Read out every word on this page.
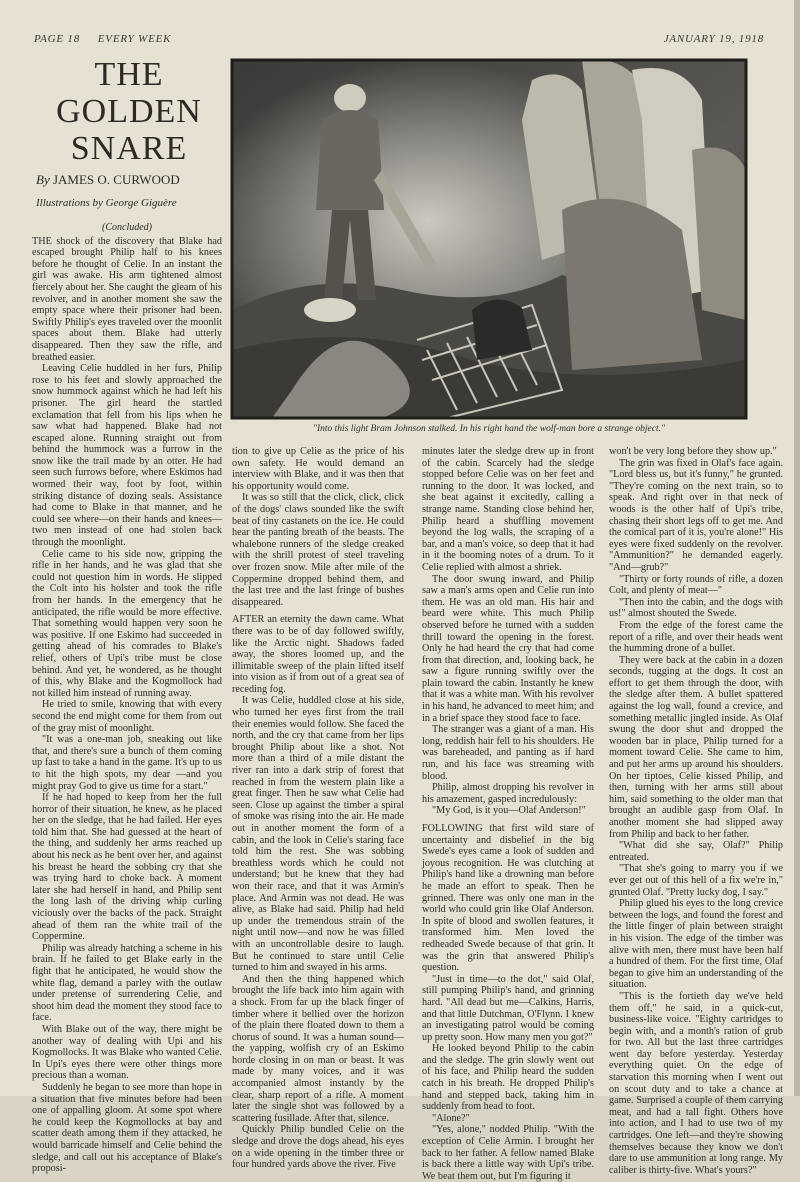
PAGE 18     EVERY WEEK	JANUARY 19, 1918
THE
GOLDEN
SNARE
By JAMES O. CURWOOD
Illustrations by George Giguère
"Into this light Bram Johnson stalked. In his right hand the wolf-man bore a strange object."
(Concluded)

THE shock of the discovery that Blake had escaped brought Philip half to his knees before he thought of Celie. In an instant the girl was awake. His arm tightened almost fiercely about her. She caught the gleam of his revolver, and in another moment she saw the empty space where their prisoner had been. Swiftly Philip's eyes traveled over the moonlit spaces about them. Blake had utterly disappeared. Then they saw the rifle, and breathed easier.

Leaving Celie huddled in her furs, Philip rose to his feet and slowly approached the snow hummock against which he had left his prisoner. The girl heard the startled exclamation that fell from his lips when he saw what had happened. Blake had not escaped alone. Running straight out from behind the hummock was a furrow in the snow like the trail made by an otter. He had seen such furrows before, where Eskimos had wormed their way, foot by foot, within striking distance of dozing seals. Assistance had come to Blake in that manner, and he could see where—on their hands and knees—two men instead of one had stolen back through the moonlight.

Celie came to his side now, gripping the rifle in her hands, and he was glad that she could not question him in words. He slipped the Colt into his holster and took the rifle from her hands. In the emergency that he anticipated, the rifle would be more effective. That something would happen very soon he was positive. If one Eskimo had succeeded in getting ahead of his comrades to Blake's relief, others of Upi's tribe must be close behind. And yet, he wondered, as he thought of this, why Blake and the Kogmollock had not killed him instead of running away.

He tried to smile, knowing that with every second the end might come for them from out of the gray mist of moonlight.

"It was a one-man job, sneaking out like that, and there's sure a bunch of them coming up fast to take a hand in the game. It's up to us to hit the high spots, my dear —and you might pray God to give us time for a start."

If he had hoped to keep from her the full horror of their situation, he knew, as he placed her on the sledge, that he had failed. Her eyes told him that. She had guessed at the heart of the thing, and suddenly her arms reached up about his neck as he bent over her, and against his breast he heard the sobbing cry that she was trying hard to choke back. A moment later she had herself in hand, and Philip sent the long lash of the driving whip curling viciously over the backs of the pack. Straight ahead of them ran the white trail of the Coppermine.

Philip was already hatching a scheme in his brain. If he failed to get Blake early in the fight that he anticipated, he would show the white flag, demand a parley with the outlaw under pretense of surrendering Celie, and shoot him dead the moment they stood face to face.

With Blake out of the way, there might be another way of dealing with Upi and his Kogmollocks. It was Blake who wanted Celie. In Upi's eyes there were other things more precious than a woman.

Suddenly he began to see more than hope in a situation that five minutes before had been one of appalling gloom. At some spot where he could keep the Kogmollocks at bay and scatter death among them if they attacked, he would barricade himself and Celie behind the sledge, and call out his acceptance of Blake's proposi-

tion to give up Celie as the price of his own safety. He would demand an interview with Blake, and it was then that his opportunity would come.

It was so still that the click, click, click of the dogs' claws sounded like the swift beat of tiny castanets on the ice. He could hear the panting breath of the beasts. The whalebone runners of the sledge creaked with the shrill protest of steel traveling over frozen snow. Mile after mile of the Coppermine dropped behind them, and the last tree and the last fringe of bushes disappeared.

AFTER an eternity the dawn came. What there was to be of day followed swiftly, like the Arctic night. Shadows faded away, the shores loomed up, and the illimitable sweep of the plain lifted itself into vision as if from out of a great sea of receding fog.

It was Celie, huddled close at his side, who turned her eyes first from the trail their enemies would follow. She faced the north, and the cry that came from her lips brought Philip about like a shot. Not more than a third of a mile distant the river ran into a dark strip of forest that reached in from the western plain like a great finger. Then he saw what Celie had seen. Close up against the timber a spiral of smoke was rising into the air. He made out in another moment the form of a cabin, and the look in Celie's staring face told him the rest. She was sobbing breathless words which he could not understand; but he knew that they had won their race, and that it was Armin's place. And Armin was not dead. He was alive, as Blake had said. Philip had held up under the tremendous strain of the night until now—and now he was filled with an uncontrollable desire to laugh. But he continued to stare until Celie turned to him and swayed in his arms.

And then the thing happened which brought the life back into him again with a shock. From far up the black finger of timber where it bellied over the horizon of the plain there floated down to them a chorus of sound. It was a human sound—the yapping, wolfish cry of an Eskimo horde closing in on man or beast. It was made by many voices, and it was accompanied almost instantly by the clear, sharp report of a rifle. A moment later the single shot was followed by a scattering fusillade. After that, silence.

Quickly Philip bundled Celie on the sledge and drove the dogs ahead, his eyes on a wide opening in the timber three or four hundred yards above the river. Five

minutes later the sledge drew up in front of the cabin. Scarcely had the sledge stopped before Celie was on her feet and running to the door. It was locked, and she beat against it excitedly, calling a strange name. Standing close behind her, Philip heard a shuffling movement beyond the log walls, the scraping of a bar, and a man's voice, so deep that it had in it the booming notes of a drum. To it Celie replied with almost a shriek.

The door swung inward, and Philip saw a man's arms open and Celie run into them. He was an old man. His hair and beard were white. This much Philip observed before he turned with a sudden thrill toward the opening in the forest. Only he had heard the cry that had come from that direction, and, looking back, he saw a figure running swiftly over the plain toward the cabin. Instantly he knew that it was a white man. With his revolver in his hand, he advanced to meet him; and in a brief space they stood face to face.

The stranger was a giant of a man. His long, reddish hair fell to his shoulders. He was bareheaded, and panting as if hard run, and his face was streaming with blood.

Philip, almost dropping his revolver in his amazement, gasped incredulously:

"My God, is it you—Olaf Anderson!"

FOLLOWING that first wild stare of uncertainty and disbelief in the big Swede's eyes came a look of sudden and joyous recognition. He was clutching at Philip's hand like a drowning man before he made an effort to speak. Then he grinned. There was only one man in the world who could grin like Olaf Anderson. In spite of blood and swollen features, it transformed him. Men loved the redheaded Swede because of that grin. It was the grin that answered Philip's question.

"Just in time—to the dot," said Olaf, still pumping Philip's hand, and grinning hard. "All dead but me—Calkins, Harris, and that little Dutchman, O'Flynn. I knew an investigating patrol would be coming up pretty soon. How many men you got?"

He looked beyond Philip to the cabin and the sledge. The grin slowly went out of his face, and Philip heard the sudden catch in his breath. He dropped Philip's hand and stepped back, taking him in suddenly from head to foot.

"Alone?"

"Yes, alone," nodded Philip. "With the exception of Celie Armin. I brought her back to her father. A fellow named Blake is back there a little way with Upi's tribe. We beat them out, but I'm figuring it

won't be very long before they show up."

The grin was fixed in Olaf's face again. "Lord bless us, but it's funny," he grunted. "They're coming on the next train, so to speak. And right over in that neck of woods is the other half of Upi's tribe, chasing their short legs off to get me. And the comical part of it is, you're alone!" His eyes were fixed suddenly on the revolver. "Ammunition?" he demanded eagerly. "And—grub?"

"Thirty or forty rounds of rifle, a dozen Colt, and plenty of meat—"

"Then into the cabin, and the dogs with us!" almost shouted the Swede.

From the edge of the forest came the report of a rifle, and over their heads went the humming drone of a bullet.

They were back at the cabin in a dozen seconds, tugging at the dogs. It cost an effort to get them through the door, with the sledge after them. A bullet spattered against the log wall, found a crevice, and something metallic jingled inside. As Olaf swung the door shut and dropped the wooden bar in place, Philip turned for a moment toward Celie. She came to him, and put her arms up around his shoulders. On her tiptoes, Celie kissed Philip, and then, turning with her arms still about him, said something to the older man that brought an audible gasp from Olaf. In another moment she had slipped away from Philip and back to her father.

"What did she say, Olaf?" Philip entreated.

"That she's going to marry you if we ever get out of this hell of a fix we're in," grunted Olaf. "Pretty lucky dog, I say."

Philip glued his eyes to the long crevice between the logs, and found the forest and the little finger of plain between straight in his vision. The edge of the timber was alive with men, there must have been half a hundred of them. For the first time, Olaf began to give him an understanding of the situation.

"This is the fortieth day we've held them off," he said, in a quick-cut, business-like voice. "Eighty cartridges to begin with, and a month's ration of grub for two. All but the last three cartridges went day before yesterday. Yesterday everything quiet. On the edge of starvation this morning when I went out on scout duty and to take a chance at game. Surprised a couple of them carrying meat, and had a tall fight. Others hove into action, and I had to use two of my cartridges. One left—and they're showing themselves because they know we don't dare to use ammunition at long range. My caliber is thirty-five. What's yours?"
